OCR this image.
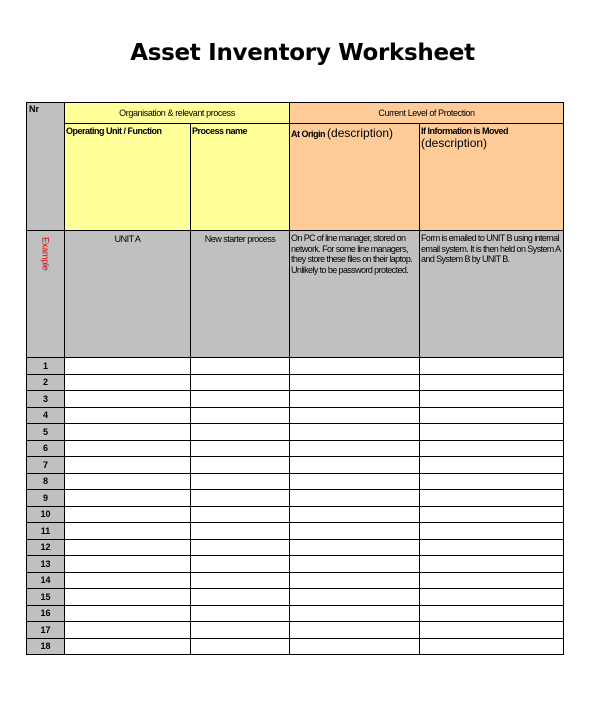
Asset Inventory Worksheet
Nr	Organisation & relevant process		Current Level of Protection	
	Operating Unit / Function	Process name	At Origin (description)	If Information is Moved
(description)
Example	UNIT A	New starter process	On PC of line manager, stored on network. For some line managers, they store these files on their laptop. Unlikely to be password protected.	Form is emailed to UNIT B using internal email system. It is then held on System A and System B by UNIT B.
1				
2				
3				
4				
5				
6				
7				
8				
9				
10				
11				
12				
13				
14				
15				
16				
17				
18				
